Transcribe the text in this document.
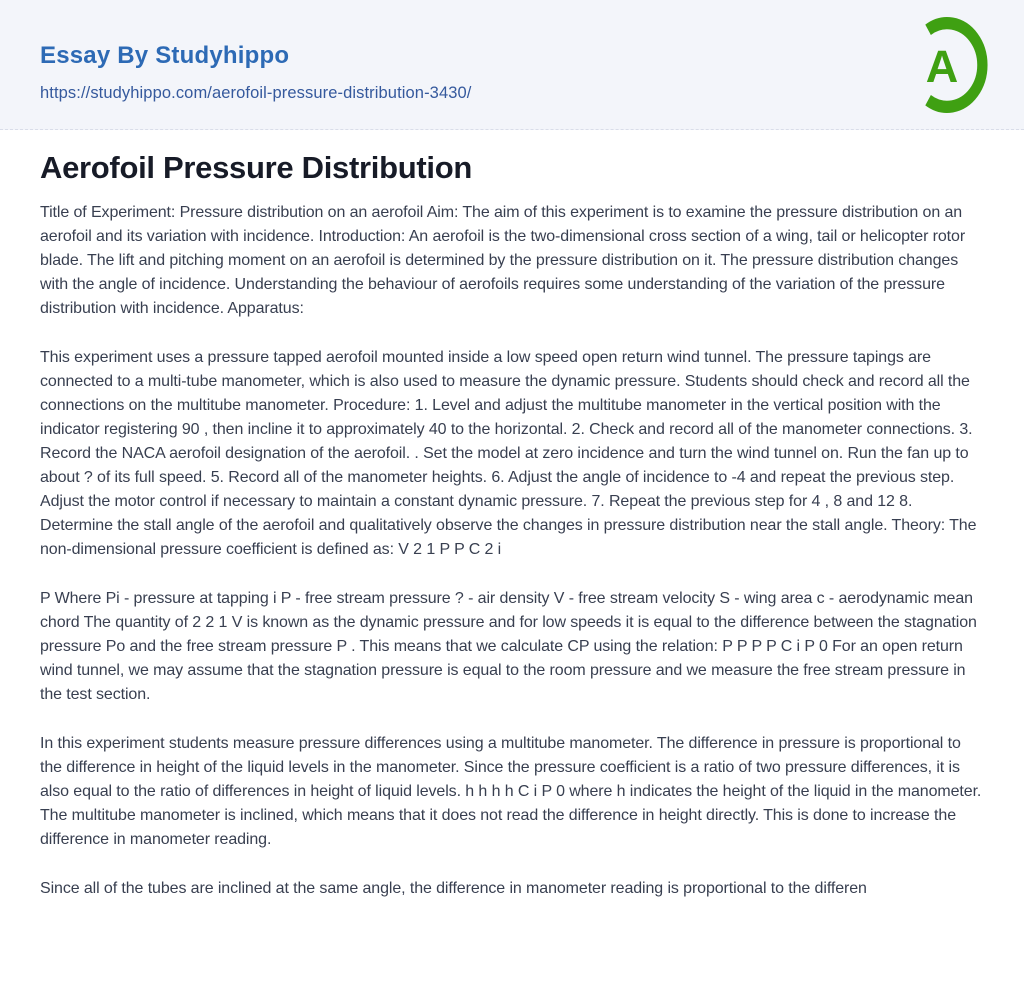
Essay By Studyhippo
https://studyhippo.com/aerofoil-pressure-distribution-3430/
A
Aerofoil Pressure Distribution

Title of Experiment: Pressure distribution on an aerofoil Aim: The aim of this experiment is to examine the pressure distribution on an aerofoil and its variation with incidence. Introduction: An aerofoil is the two-dimensional cross section of a wing, tail or helicopter rotor blade. The lift and pitching moment on an aerofoil is determined by the pressure distribution on it. The pressure distribution changes with the angle of incidence. Understanding the behaviour of aerofoils requires some understanding of the variation of the pressure distribution with incidence. Apparatus:

This experiment uses a pressure tapped aerofoil mounted inside a low speed open return wind tunnel. The pressure tapings are connected to a multi-tube manometer, which is also used to measure the dynamic pressure. Students should check and record all the connections on the multitube manometer. Procedure: 1. Level and adjust the multitube manometer in the vertical position with the indicator registering 90 , then incline it to approximately 40 to the horizontal. 2. Check and record all of the manometer connections. 3. Record the NACA aerofoil designation of the aerofoil. . Set the model at zero incidence and turn the wind tunnel on. Run the fan up to about ? of its full speed. 5. Record all of the manometer heights. 6. Adjust the angle of incidence to -4 and repeat the previous step. Adjust the motor control if necessary to maintain a constant dynamic pressure. 7. Repeat the previous step for 4 , 8 and 12 8. Determine the stall angle of the aerofoil and qualitatively observe the changes in pressure distribution near the stall angle. Theory: The non-dimensional pressure coefficient is defined as: V 2 1 P P C 2 i

P Where Pi - pressure at tapping i P - free stream pressure ? - air density V - free stream velocity S - wing area c - aerodynamic mean chord The quantity of 2 2 1 V is known as the dynamic pressure and for low speeds it is equal to the difference between the stagnation pressure Po and the free stream pressure P . This means that we calculate CP using the relation: P P P P C i P 0 For an open return wind tunnel, we may assume that the stagnation pressure is equal to the room pressure and we measure the free stream pressure in the test section.

In this experiment students measure pressure differences using a multitube manometer. The difference in pressure is proportional to the difference in height of the liquid levels in the manometer. Since the pressure coefficient is a ratio of two pressure differences, it is also equal to the ratio of differences in height of liquid levels. h h h h C i P 0 where h indicates the height of the liquid in the manometer. The multitube manometer is inclined, which means that it does not read the difference in height directly. This is done to increase the difference in manometer reading.

Since all of the tubes are inclined at the same angle, the difference in manometer reading is proportional to the differen
